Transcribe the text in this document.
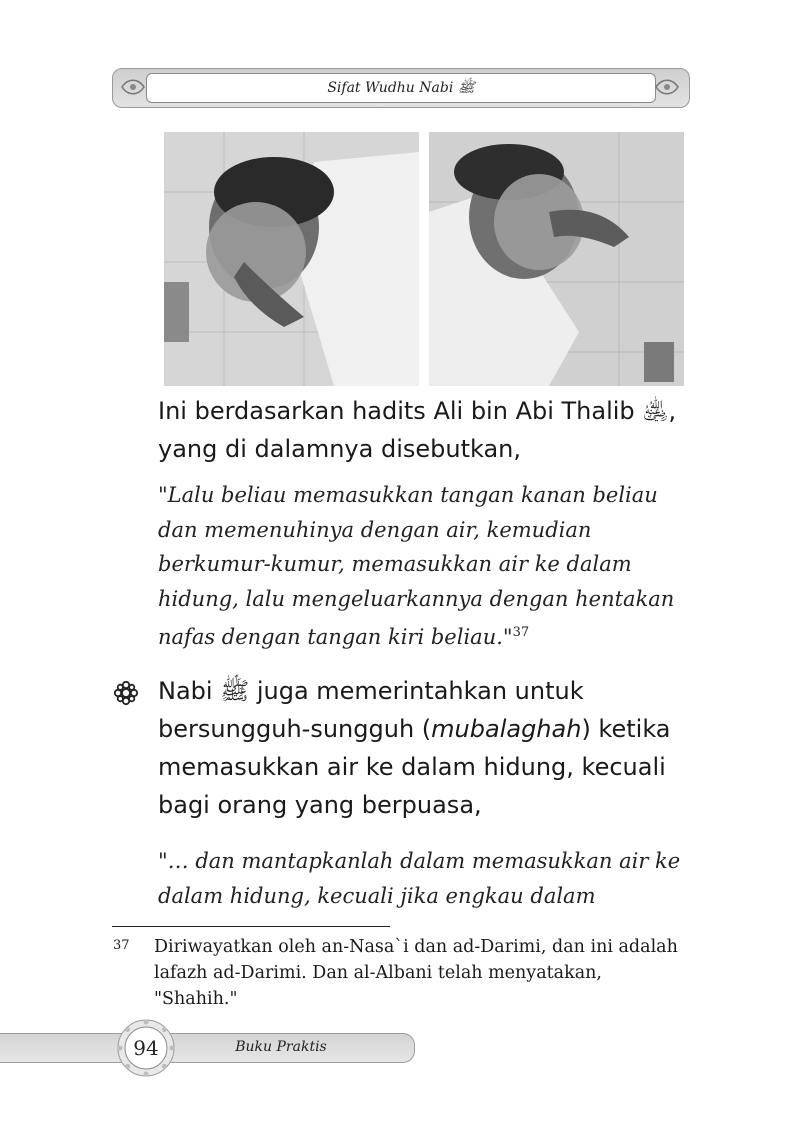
Sifat Wudhu Nabi ﷺ
Ini berdasarkan hadits Ali bin Abi Thalib ﵁, yang di dalamnya disebutkan,
"Lalu beliau memasukkan tangan kanan beliau dan memenuhinya dengan air, kemudian berkumur-kumur, memasukkan air ke dalam hidung, lalu mengeluarkannya dengan hentakan nafas dengan tangan kiri beliau."$^{37}$
Nabi ﷺ juga memerintahkan untuk bersungguh-sungguh (mubalaghah) ketika memasukkan air ke dalam hidung, kecuali bagi orang yang berpuasa,
"… dan mantapkanlah dalam memasukkan air ke dalam hidung, kecuali jika engkau dalam
37 Diriwayatkan oleh an-Nasa`i dan ad-Darimi, dan ini adalah lafazh ad-Darimi. Dan al-Albani telah menyatakan, "Shahih."
Buku Praktis
94
